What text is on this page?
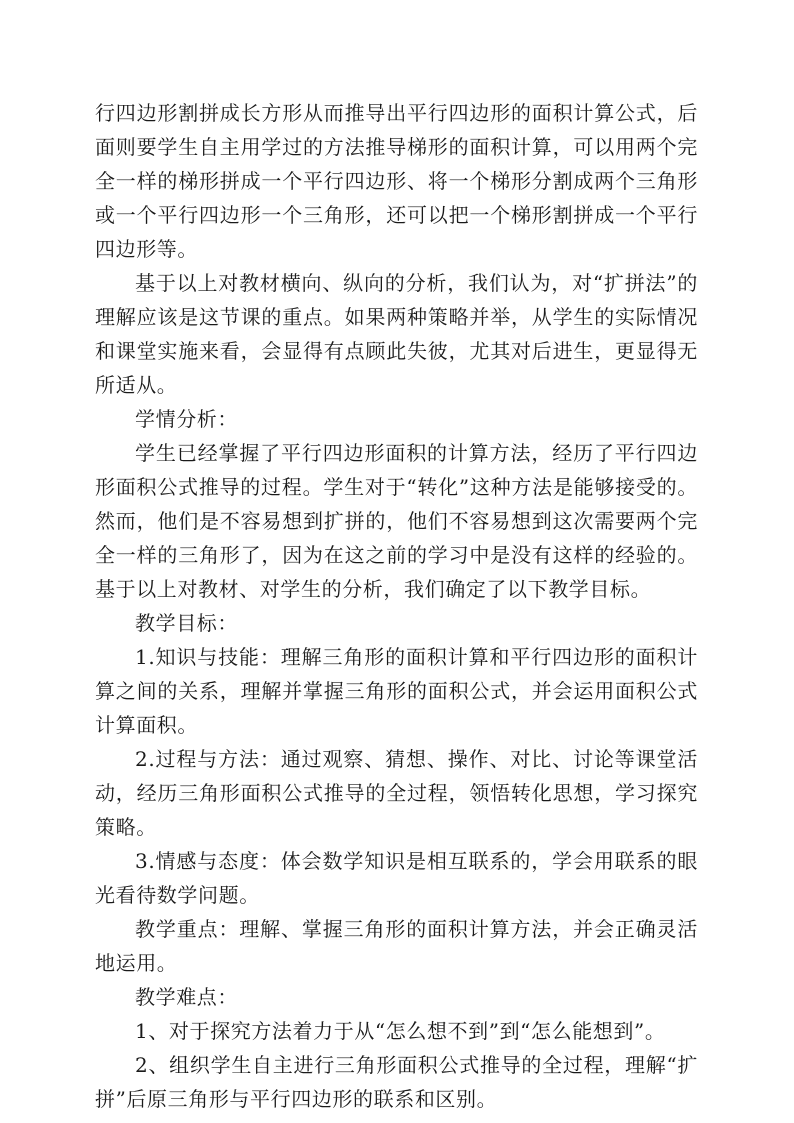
行四边形割拼成长方形从而推导出平行四边形的面积计算公式，后面则要学生自主用学过的方法推导梯形的面积计算，可以用两个完全一样的梯形拼成一个平行四边形、将一个梯形分割成两个三角形或一个平行四边形一个三角形，还可以把一个梯形割拼成一个平行四边形等。

基于以上对教材横向、纵向的分析，我们认为，对“扩拼法”的理解应该是这节课的重点。如果两种策略并举，从学生的实际情况和课堂实施来看，会显得有点顾此失彼，尤其对后进生，更显得无所适从。

学情分析：

学生已经掌握了平行四边形面积的计算方法，经历了平行四边形面积公式推导的过程。学生对于“转化”这种方法是能够接受的。然而，他们是不容易想到扩拼的，他们不容易想到这次需要两个完全一样的三角形了，因为在这之前的学习中是没有这样的经验的。基于以上对教材、对学生的分析，我们确定了以下教学目标。

教学目标：

1.知识与技能：理解三角形的面积计算和平行四边形的面积计算之间的关系，理解并掌握三角形的面积公式，并会运用面积公式计算面积。

2.过程与方法：通过观察、猜想、操作、对比、讨论等课堂活动，经历三角形面积公式推导的全过程，领悟转化思想，学习探究策略。

3.情感与态度：体会数学知识是相互联系的，学会用联系的眼光看待数学问题。

教学重点：理解、掌握三角形的面积计算方法，并会正确灵活地运用。

教学难点：

1、对于探究方法着力于从“怎么想不到”到“怎么能想到”。

2、组织学生自主进行三角形面积公式推导的全过程，理解“扩拼”后原三角形与平行四边形的联系和区别。
